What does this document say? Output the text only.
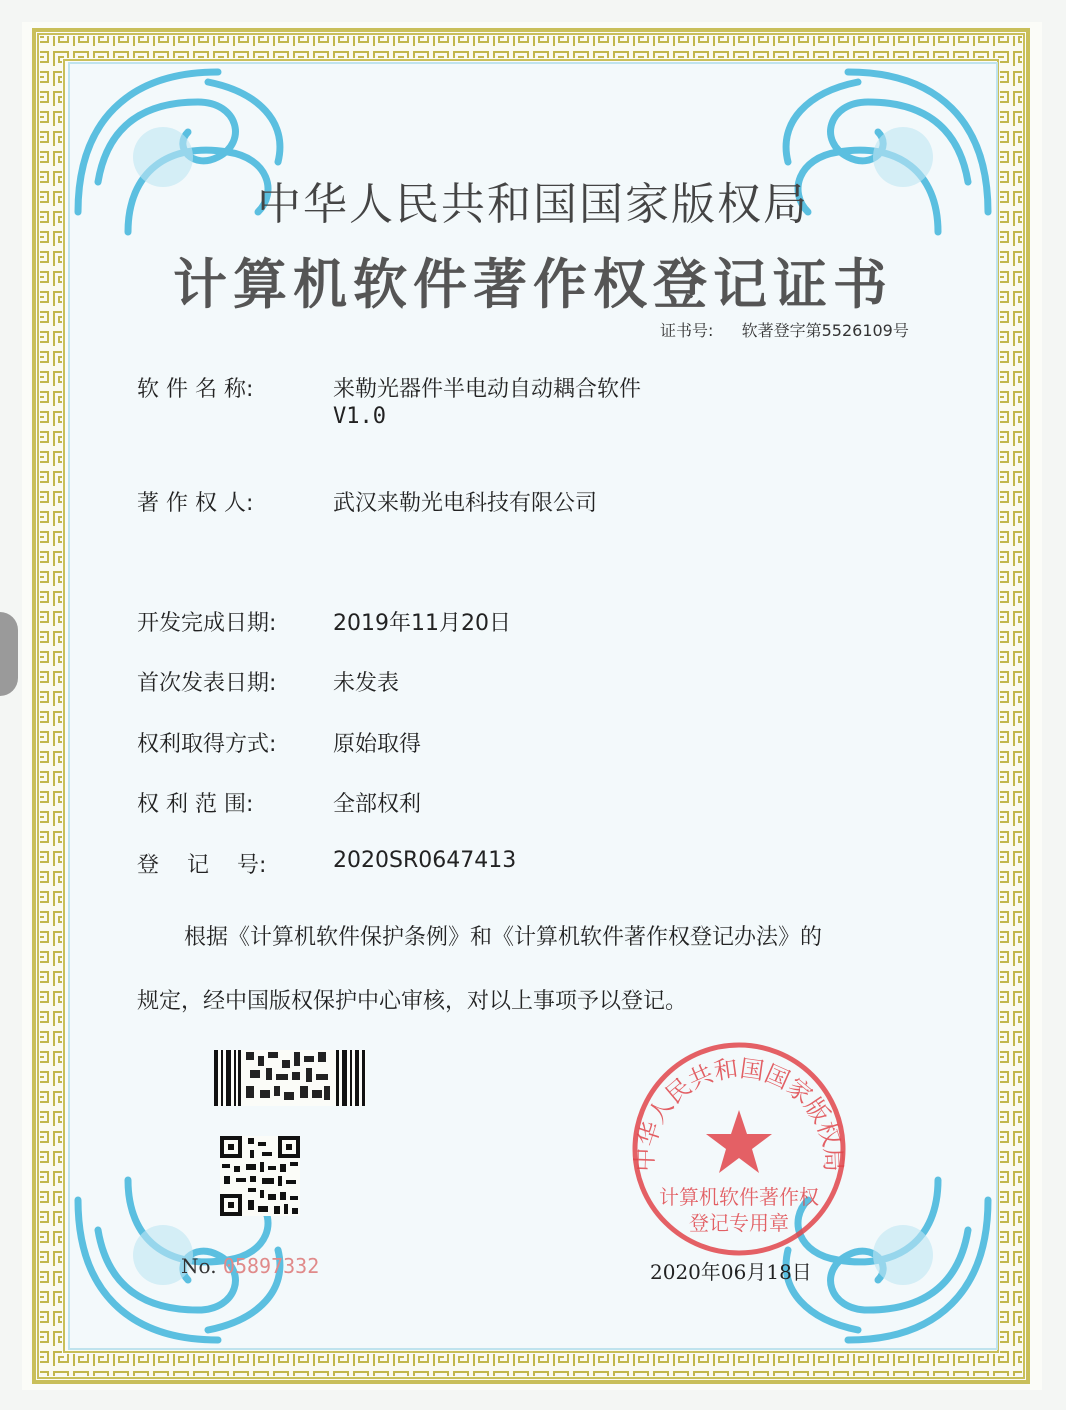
中华人民共和国国家版权局
计算机软件著作权登记证书
证书号: 软著登字第5526109号
软 件 名 称:	来勒光器件半电动自动耦合软件
V1.0
著 作 权 人:	武汉来勒光电科技有限公司
开发完成日期:	2019年11月20日
首次发表日期:	未发表
权利取得方式:	原始取得
权 利 范 围:	全部权利
登    记    号:	2020SR0647413
根据《计算机软件保护条例》和《计算机软件著作权登记办法》的
规定，经中国版权保护中心审核，对以上事项予以登记。
No. 05897332
中华人民共和国国家版权局
计算机软件著作权
登记专用章
2020年06月18日
